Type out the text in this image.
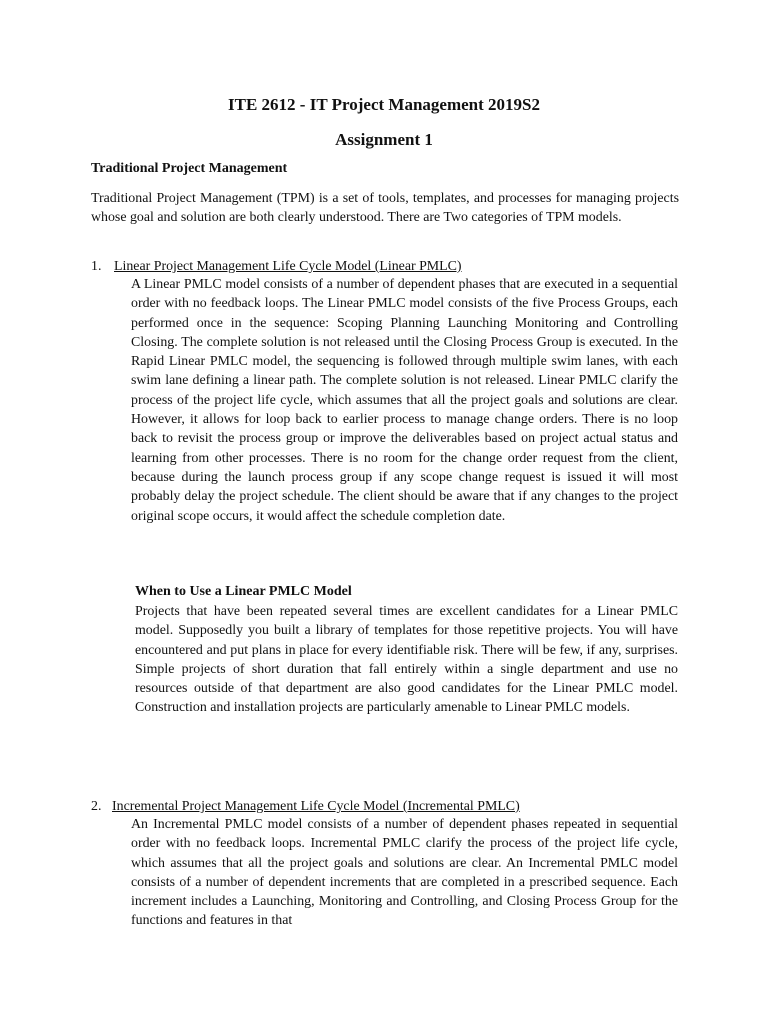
ITE 2612 - IT Project Management 2019S2
Assignment 1
Traditional Project Management

Traditional Project Management (TPM) is a set of tools, templates, and processes for managing projects whose goal and solution are both clearly understood. There are Two categories of TPM models.

1. Linear Project Management Life Cycle Model (Linear PMLC)

A Linear PMLC model consists of a number of dependent phases that are executed in a sequential order with no feedback loops. The Linear PMLC model consists of the five Process Groups, each performed once in the sequence: Scoping Planning Launching Monitoring and Controlling Closing. The complete solution is not released until the Closing Process Group is executed. In the Rapid Linear PMLC model, the sequencing is followed through multiple swim lanes, with each swim lane defining a linear path. The complete solution is not released. Linear PMLC clarify the process of the project life cycle, which assumes that all the project goals and solutions are clear. However, it allows for loop back to earlier process to manage change orders. There is no loop back to revisit the process group or improve the deliverables based on project actual status and learning from other processes. There is no room for the change order request from the client, because during the launch process group if any scope change request is issued it will most probably delay the project schedule. The client should be aware that if any changes to the project original scope occurs, it would affect the schedule completion date.

When to Use a Linear PMLC Model

Projects that have been repeated several times are excellent candidates for a Linear PMLC model. Supposedly you built a library of templates for those repetitive projects. You will have encountered and put plans in place for every identifiable risk. There will be few, if any, surprises. Simple projects of short duration that fall entirely within a single department and use no resources outside of that department are also good candidates for the Linear PMLC model. Construction and installation projects are particularly amenable to Linear PMLC models.

2. Incremental Project Management Life Cycle Model (Incremental PMLC)

An Incremental PMLC model consists of a number of dependent phases repeated in sequential order with no feedback loops. Incremental PMLC clarify the process of the project life cycle, which assumes that all the project goals and solutions are clear. An Incremental PMLC model consists of a number of dependent increments that are completed in a prescribed sequence. Each increment includes a Launching, Monitoring and Controlling, and Closing Process Group for the functions and features in that
